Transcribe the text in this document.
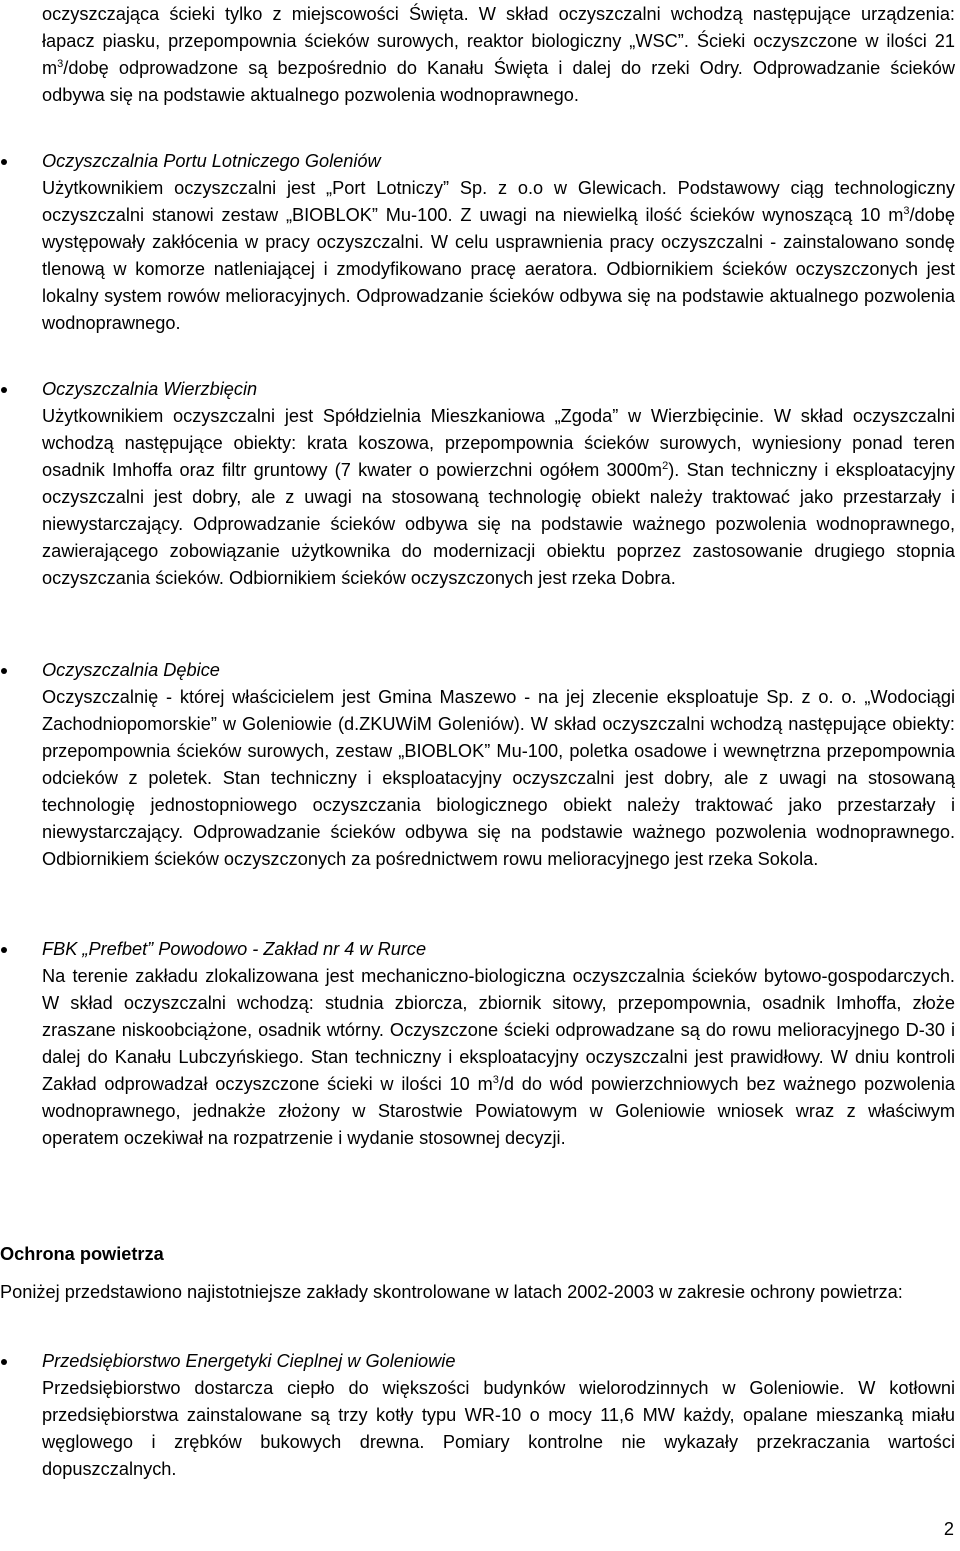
oczyszczająca ścieki tylko z miejscowości Święta. W skład oczyszczalni wchodzą następujące urządzenia: łapacz piasku, przepompownia ścieków surowych, reaktor biologiczny „WSC”. Ścieki oczyszczone w ilości 21 $m^3$/dobę odprowadzone są bezpośrednio do Kanału Święta i dalej do rzeki Odry. Odprowadzanie ścieków odbywa się na podstawie aktualnego pozwolenia wodnoprawnego.

Oczyszczalnia Portu Lotniczego Goleniów

Użytkownikiem oczyszczalni jest „Port Lotniczy” Sp. z o.o w Glewicach. Podstawowy ciąg technologiczny oczyszczalni stanowi zestaw „BIOBLOK” Mu-100. Z uwagi na niewielką ilość ścieków wynoszącą 10 $m^3$/dobę występowały zakłócenia w pracy oczyszczalni. W celu usprawnienia pracy oczyszczalni - zainstalowano sondę tlenową w komorze natleniającej i zmodyfikowano pracę aeratora. Odbiornikiem ścieków oczyszczonych jest lokalny system rowów melioracyjnych. Odprowadzanie ścieków odbywa się na podstawie aktualnego pozwolenia wodnoprawnego.

Oczyszczalnia Wierzbięcin

Użytkownikiem oczyszczalni jest Spółdzielnia Mieszkaniowa „Zgoda” w Wierzbięcinie. W skład oczyszczalni wchodzą następujące obiekty: krata koszowa, przepompownia ścieków surowych, wyniesiony ponad teren osadnik Imhoffa oraz filtr gruntowy (7 kwater o powierzchni ogółem $3000m^2$). Stan techniczny i eksploatacyjny oczyszczalni jest dobry, ale z uwagi na stosowaną technologię obiekt należy traktować jako przestarzały i niewystarczający. Odprowadzanie ścieków odbywa się na podstawie ważnego pozwolenia wodnoprawnego, zawierającego zobowiązanie użytkownika do modernizacji obiektu poprzez zastosowanie drugiego stopnia oczyszczania ścieków. Odbiornikiem ścieków oczyszczonych jest rzeka Dobra.

Oczyszczalnia Dębice

Oczyszczalnię - której właścicielem jest Gmina Maszewo - na jej zlecenie eksploatuje Sp. z o. o. „Wodociągi Zachodniopomorskie” w Goleniowie (d.ZKUWiM Goleniów). W skład oczyszczalni wchodzą następujące obiekty: przepompownia ścieków surowych, zestaw „BIOBLOK” Mu-100, poletka osadowe i wewnętrzna przepompownia odcieków z poletek. Stan techniczny i eksploatacyjny oczyszczalni jest dobry, ale z uwagi na stosowaną technologię jednostopniowego oczyszczania biologicznego obiekt należy traktować jako przestarzały i niewystarczający. Odprowadzanie ścieków odbywa się na podstawie ważnego pozwolenia wodnoprawnego. Odbiornikiem ścieków oczyszczonych za pośrednictwem rowu melioracyjnego jest rzeka Sokola.

FBK „Prefbet” Powodowo - Zakład nr 4 w Rurce

Na terenie zakładu zlokalizowana jest mechaniczno-biologiczna oczyszczalnia ścieków bytowo-gospodarczych. W skład oczyszczalni wchodzą: studnia zbiorcza, zbiornik sitowy, przepompownia, osadnik Imhoffa, złoże zraszane niskoobciążone, osadnik wtórny. Oczyszczone ścieki odprowadzane są do rowu melioracyjnego D-30 i dalej do Kanału Lubczyńskiego. Stan techniczny i eksploatacyjny oczyszczalni jest prawidłowy. W dniu kontroli Zakład odprowadzał oczyszczone ścieki w ilości 10 $m^3/d$ do wód powierzchniowych bez ważnego pozwolenia wodnoprawnego, jednakże złożony w Starostwie Powiatowym w Goleniowie wniosek wraz z właściwym operatem oczekiwał na rozpatrzenie i wydanie stosownej decyzji.

Ochrona powietrza

Poniżej przedstawiono najistotniejsze zakłady skontrolowane w latach 2002-2003 w zakresie ochrony powietrza:

Przedsiębiorstwo Energetyki Cieplnej w Goleniowie

Przedsiębiorstwo dostarcza ciepło do większości budynków wielorodzinnych w Goleniowie. W kotłowni przedsiębiorstwa zainstalowane są trzy kotły typu WR-10 o mocy 11,6 MW każdy, opalane mieszanką miału węglowego i zrębków bukowych drewna. Pomiary kontrolne nie wykazały przekraczania wartości dopuszczalnych.

2
